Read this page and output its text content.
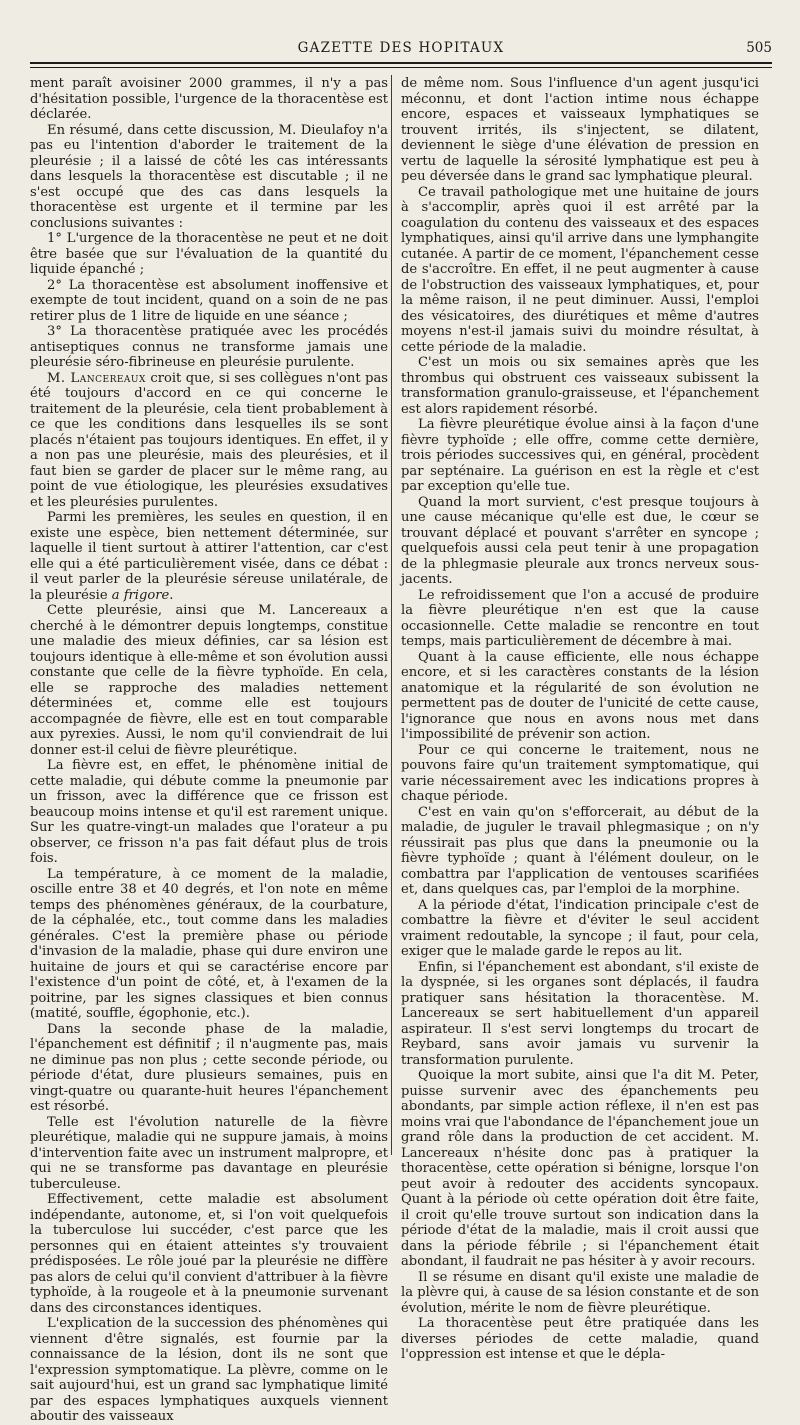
GAZETTE DES HOPITAUX	505

ment paraît avoisiner 2000 grammes, il n'y a pas d'hésitation possible, l'urgence de la thoracentèse est déclarée.

En résumé, dans cette discussion, M. Dieulafoy n'a pas eu l'intention d'aborder le traitement de la pleurésie ; il a laissé de côté les cas intéressants dans lesquels la thoracentèse est discutable ; il ne s'est occupé que des cas dans lesquels la thoracentèse est urgente et il termine par les conclusions suivantes :

1° L'urgence de la thoracentèse ne peut et ne doit être basée que sur l'évaluation de la quantité du liquide épanché ;

2° La thoracentèse est absolument inoffensive et exempte de tout incident, quand on a soin de ne pas retirer plus de 1 litre de liquide en une séance ;

3° La thoracentèse pratiquée avec les procédés antiseptiques connus ne transforme jamais une pleurésie séro-fibrineuse en pleurésie purulente.

M. Lancereaux croit que, si ses collègues n'ont pas été toujours d'accord en ce qui concerne le traitement de la pleurésie, cela tient probablement à ce que les conditions dans lesquelles ils se sont placés n'étaient pas toujours identiques. En effet, il y a non pas une pleurésie, mais des pleurésies, et il faut bien se garder de placer sur le même rang, au point de vue étiologique, les pleurésies exsudatives et les pleurésies purulentes.

Parmi les premières, les seules en question, il en existe une espèce, bien nettement déterminée, sur laquelle il tient surtout à attirer l'attention, car c'est elle qui a été particulièrement visée, dans ce débat : il veut parler de la pleurésie séreuse unilatérale, de la pleurésie a frigore.

Cette pleurésie, ainsi que M. Lancereaux a cherché à le démontrer depuis longtemps, constitue une maladie des mieux définies, car sa lésion est toujours identique à elle-même et son évolution aussi constante que celle de la fièvre typhoïde. En cela, elle se rapproche des maladies nettement déterminées et, comme elle est toujours accompagnée de fièvre, elle est en tout comparable aux pyrexies. Aussi, le nom qu'il conviendrait de lui donner est-il celui de fièvre pleurétique.

La fièvre est, en effet, le phénomène initial de cette maladie, qui débute comme la pneumonie par un frisson, avec la différence que ce frisson est beaucoup moins intense et qu'il est rarement unique. Sur les quatre-vingt-un malades que l'orateur a pu observer, ce frisson n'a pas fait défaut plus de trois fois.

La température, à ce moment de la maladie, oscille entre 38 et 40 degrés, et l'on note en même temps des phénomènes généraux, de la courbature, de la céphalée, etc., tout comme dans les maladies générales. C'est la première phase ou période d'invasion de la maladie, phase qui dure environ une huitaine de jours et qui se caractérise encore par l'existence d'un point de côté, et, à l'examen de la poitrine, par les signes classiques et bien connus (matité, souffle, égophonie, etc.).

Dans la seconde phase de la maladie, l'épanchement est définitif ; il n'augmente pas, mais ne diminue pas non plus ; cette seconde période, ou période d'état, dure plusieurs semaines, puis en vingt-quatre ou quarante-huit heures l'épanchement est résorbé.

Telle est l'évolution naturelle de la fièvre pleurétique, maladie qui ne suppure jamais, à moins d'intervention faite avec un instrument malpropre, et qui ne se transforme pas davantage en pleurésie tuberculeuse.

Effectivement, cette maladie est absolument indépendante, autonome, et, si l'on voit quelquefois la tuberculose lui succéder, c'est parce que les personnes qui en étaient atteintes s'y trouvaient prédisposées. Le rôle joué par la pleurésie ne diffère pas alors de celui qu'il convient d'attribuer à la fièvre typhoïde, à la rougeole et à la pneumonie survenant dans des circonstances identiques.

L'explication de la succession des phénomènes qui viennent d'être signalés, est fournie par la connaissance de la lésion, dont ils ne sont que l'expression symptomatique. La plèvre, comme on le sait aujourd'hui, est un grand sac lymphatique limité par des espaces lymphatiques auxquels viennent aboutir des vaisseaux

de même nom. Sous l'influence d'un agent jusqu'ici méconnu, et dont l'action intime nous échappe encore, espaces et vaisseaux lymphatiques se trouvent irrités, ils s'injectent, se dilatent, deviennent le siège d'une élévation de pression en vertu de laquelle la sérosité lymphatique est peu à peu déversée dans le grand sac lymphatique pleural.

Ce travail pathologique met une huitaine de jours à s'accomplir, après quoi il est arrêté par la coagulation du contenu des vaisseaux et des espaces lymphatiques, ainsi qu'il arrive dans une lymphangite cutanée. A partir de ce moment, l'épanchement cesse de s'accroître. En effet, il ne peut augmenter à cause de l'obstruction des vaisseaux lymphatiques, et, pour la même raison, il ne peut diminuer. Aussi, l'emploi des vésicatoires, des diurétiques et même d'autres moyens n'est-il jamais suivi du moindre résultat, à cette période de la maladie.

C'est un mois ou six semaines après que les thrombus qui obstruent ces vaisseaux subissent la transformation granulo-graisseuse, et l'épanchement est alors rapidement résorbé.

La fièvre pleurétique évolue ainsi à la façon d'une fièvre typhoïde ; elle offre, comme cette dernière, trois périodes successives qui, en général, procèdent par septénaire. La guérison en est la règle et c'est par exception qu'elle tue.

Quand la mort survient, c'est presque toujours à une cause mécanique qu'elle est due, le cœur se trouvant déplacé et pouvant s'arrêter en syncope ; quelquefois aussi cela peut tenir à une propagation de la phlegmasie pleurale aux troncs nerveux sous-jacents.

Le refroidissement que l'on a accusé de produire la fièvre pleurétique n'en est que la cause occasionnelle. Cette maladie se rencontre en tout temps, mais particulièrement de décembre à mai.

Quant à la cause efficiente, elle nous échappe encore, et si les caractères constants de la lésion anatomique et la régularité de son évolution ne permettent pas de douter de l'unicité de cette cause, l'ignorance que nous en avons nous met dans l'impossibilité de prévenir son action.

Pour ce qui concerne le traitement, nous ne pouvons faire qu'un traitement symptomatique, qui varie nécessairement avec les indications propres à chaque période.

C'est en vain qu'on s'efforcerait, au début de la maladie, de juguler le travail phlegmasique ; on n'y réussirait pas plus que dans la pneumonie ou la fièvre typhoïde ; quant à l'élément douleur, on le combattra par l'application de ventouses scarifiées et, dans quelques cas, par l'emploi de la morphine.

A la période d'état, l'indication principale c'est de combattre la fièvre et d'éviter le seul accident vraiment redoutable, la syncope ; il faut, pour cela, exiger que le malade garde le repos au lit.

Enfin, si l'épanchement est abondant, s'il existe de la dyspnée, si les organes sont déplacés, il faudra pratiquer sans hésitation la thoracentèse. M. Lancereaux se sert habituellement d'un appareil aspirateur. Il s'est servi longtemps du trocart de Reybard, sans avoir jamais vu survenir la transformation purulente.

Quoique la mort subite, ainsi que l'a dit M. Peter, puisse survenir avec des épanchements peu abondants, par simple action réflexe, il n'en est pas moins vrai que l'abondance de l'épanchement joue un grand rôle dans la production de cet accident. M. Lancereaux n'hésite donc pas à pratiquer la thoracentèse, cette opération si bénigne, lorsque l'on peut avoir à redouter des accidents syncopaux. Quant à la période où cette opération doit être faite, il croit qu'elle trouve surtout son indication dans la période d'état de la maladie, mais il croit aussi que dans la période fébrile ; si l'épanchement était abondant, il faudrait ne pas hésiter à y avoir recours.

Il se résume en disant qu'il existe une maladie de la plèvre qui, à cause de sa lésion constante et de son évolution, mérite le nom de fièvre pleurétique.

La thoracentèse peut être pratiquée dans les diverses périodes de cette maladie, quand l'oppression est intense et que le dépla-
